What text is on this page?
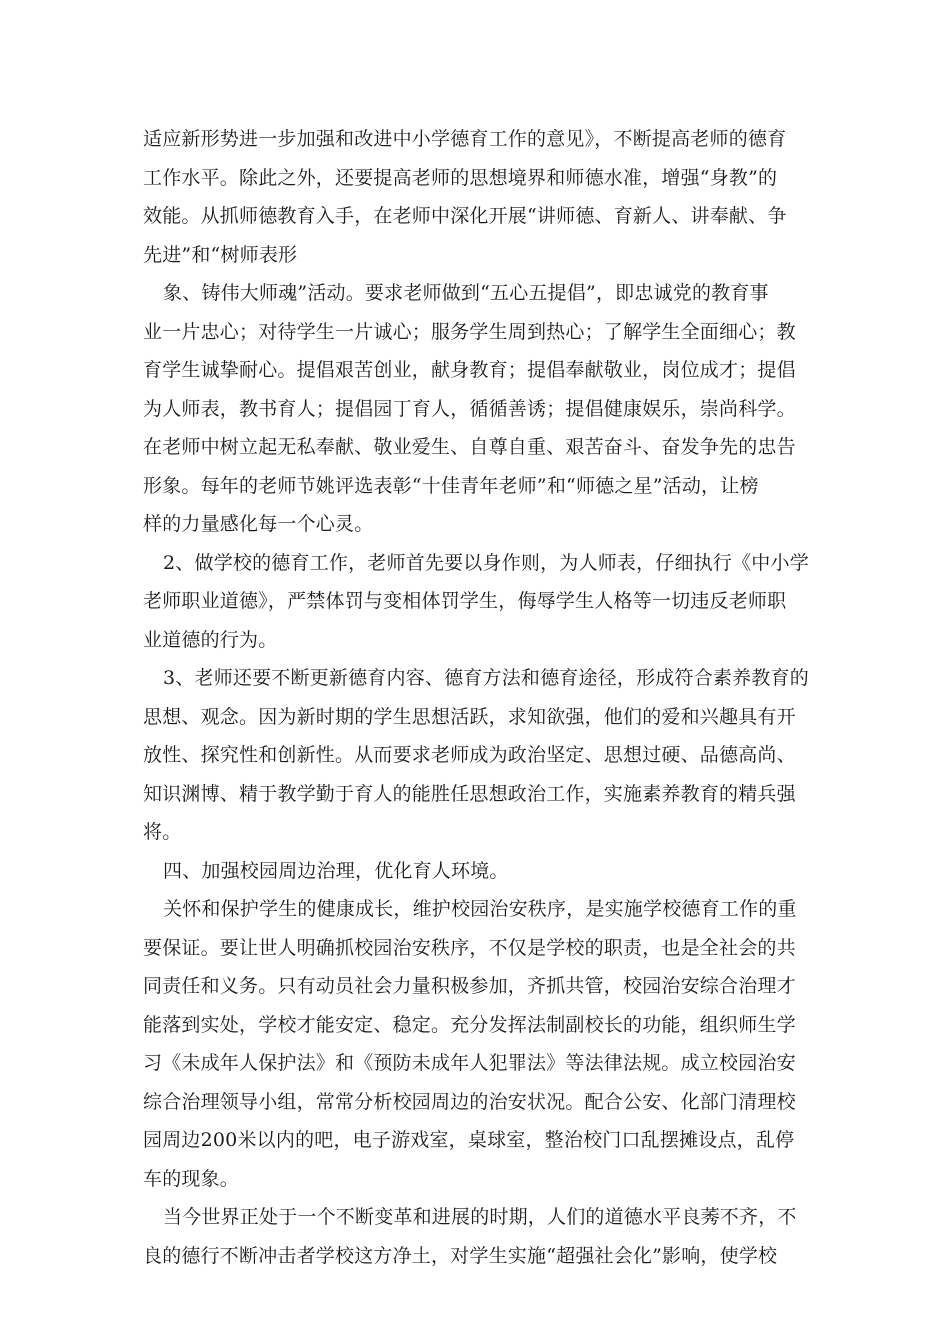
适应新形势进一步加强和改进中小学德育工作的意见》，不断提高老师的德育
工作水平。除此之外，还要提高老师的思想境界和师德水准，增强“身教”的
效能。从抓师德教育入手，在老师中深化开展“讲师德、育新人、讲奉献、争
先进”和“树师表形
象、铸伟大师魂”活动。要求老师做到“五心五提倡”，即忠诚党的教育事
业一片忠心；对待学生一片诚心；服务学生周到热心；了解学生全面细心；教
育学生诚挚耐心。提倡艰苦创业，献身教育；提倡奉献敬业，岗位成才；提倡
为人师表，教书育人；提倡园丁育人，循循善诱；提倡健康娱乐，崇尚科学。
在老师中树立起无私奉献、敬业爱生、自尊自重、艰苦奋斗、奋发争先的忠告
形象。每年的老师节姚评选表彰“十佳青年老师”和“师德之星”活动，让榜
样的力量感化每一个心灵。
2、做学校的德育工作，老师首先要以身作则，为人师表，仔细执行《中小学
老师职业道德》，严禁体罚与变相体罚学生，侮辱学生人格等一切违反老师职
业道德的行为。
3、老师还要不断更新德育内容、德育方法和德育途径，形成符合素养教育的
思想、观念。因为新时期的学生思想活跃，求知欲强，他们的爱和兴趣具有开
放性、探究性和创新性。从而要求老师成为政治坚定、思想过硬、品德高尚、
知识渊博、精于教学勤于育人的能胜任思想政治工作，实施素养教育的精兵强
将。
四、加强校园周边治理，优化育人环境。
关怀和保护学生的健康成长，维护校园治安秩序，是实施学校德育工作的重
要保证。要让世人明确抓校园治安秩序，不仅是学校的职责，也是全社会的共
同责任和义务。只有动员社会力量积极参加，齐抓共管，校园治安综合治理才
能落到实处，学校才能安定、稳定。充分发挥法制副校长的功能，组织师生学
习《未成年人保护法》和《预防未成年人犯罪法》等法律法规。成立校园治安
综合治理领导小组，常常分析校园周边的治安状况。配合公安、化部门清理校
园周边200米以内的吧，电子游戏室，桌球室，整治校门口乱摆摊设点，乱停
车的现象。
当今世界正处于一个不断变革和进展的时期，人们的道德水平良莠不齐，不
良的德行不断冲击者学校这方净土，对学生实施“超强社会化”影响，使学校
